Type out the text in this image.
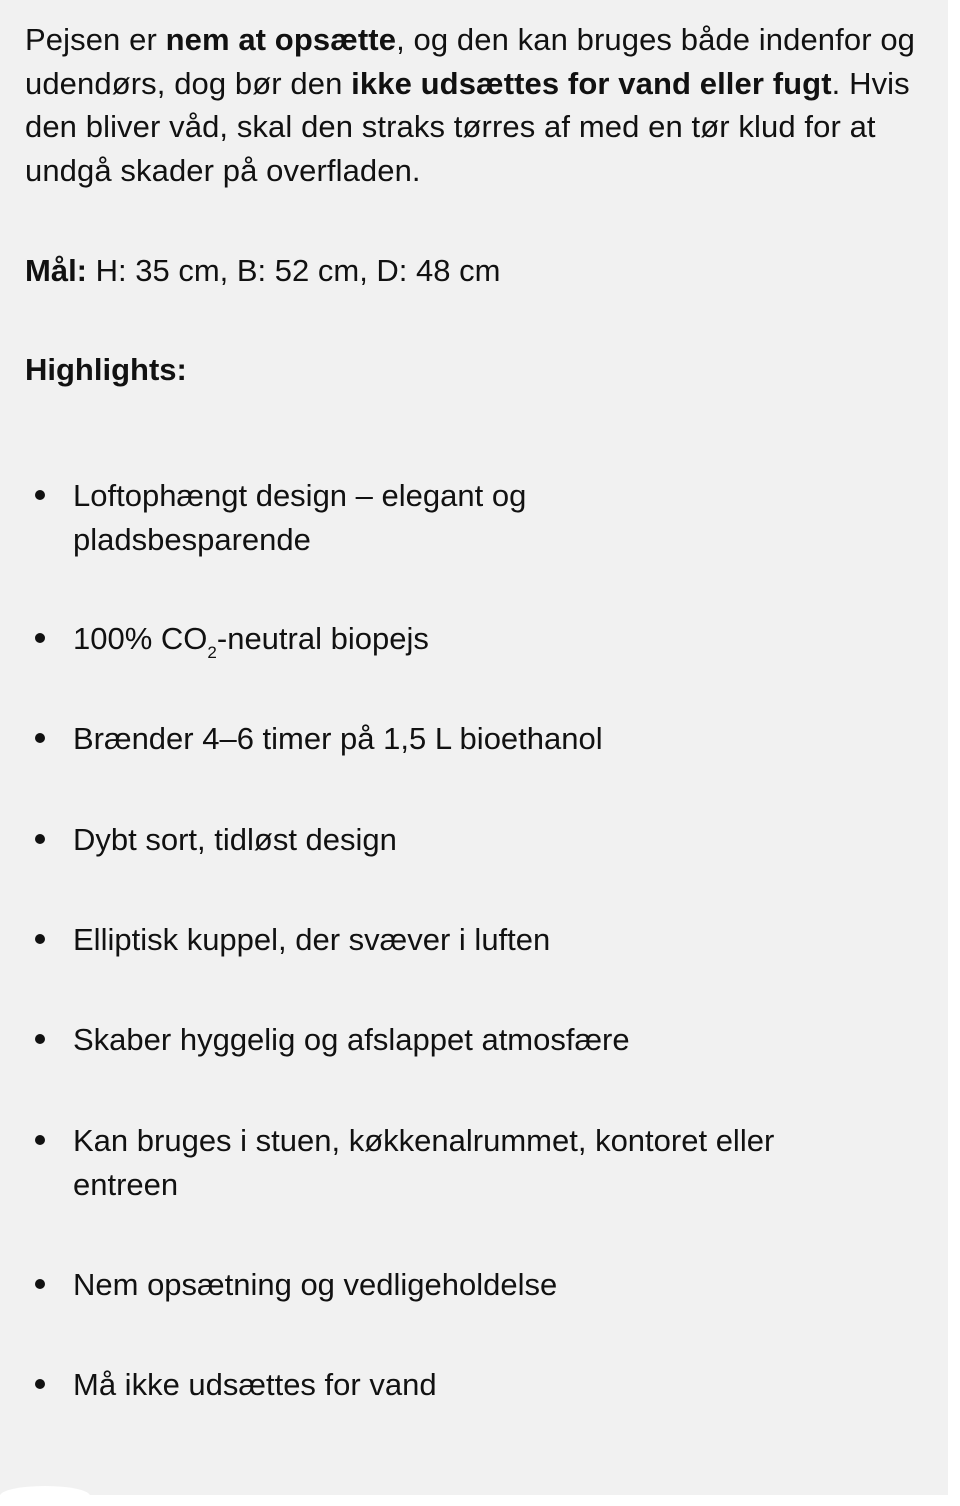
Pejsen er nem at opsætte, og den kan bruges både indenfor og udendørs, dog bør den ikke udsættes for vand eller fugt. Hvis den bliver våd, skal den straks tørres af med en tør klud for at undgå skader på overfladen.

Mål: H: 35 cm, B: 52 cm, D: 48 cm

Highlights:

Loftophængt design – elegant og pladsbesparende
100% $CO_2$-neutral biopejs
Brænder 4–6 timer på 1,5 L bioethanol
Dybt sort, tidløst design
Elliptisk kuppel, der svæver i luften
Skaber hyggelig og afslappet atmosfære
Kan bruges i stuen, køkkenalrummet, kontoret eller entreen
Nem opsætning og vedligeholdelse
Må ikke udsættes for vand
